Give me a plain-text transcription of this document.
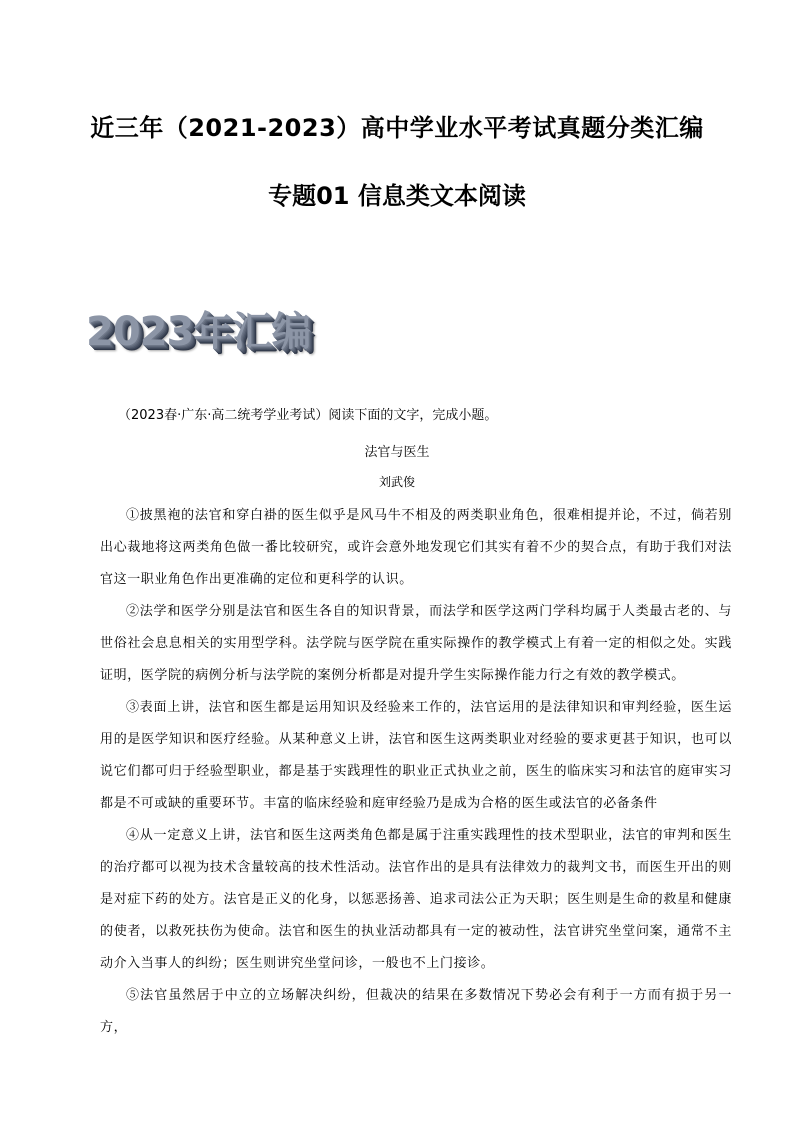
近三年（2021-2023）高中学业水平考试真题分类汇编
专题01 信息类文本阅读
2023年汇编
（2023春·广东·高二统考学业考试）阅读下面的文字，完成小题。
法官与医生
刘武俊

①披黑袍的法官和穿白褂的医生似乎是风马牛不相及的两类职业角色，很难相提并论，不过，倘若别出心裁地将这两类角色做一番比较研究，或许会意外地发现它们其实有着不少的契合点，有助于我们对法官这一职业角色作出更准确的定位和更科学的认识。

②法学和医学分别是法官和医生各自的知识背景，而法学和医学这两门学科均属于人类最古老的、与世俗社会息息相关的实用型学科。法学院与医学院在重实际操作的教学模式上有着一定的相似之处。实践证明，医学院的病例分析与法学院的案例分析都是对提升学生实际操作能力行之有效的教学模式。

③表面上讲，法官和医生都是运用知识及经验来工作的，法官运用的是法律知识和审判经验，医生运用的是医学知识和医疗经验。从某种意义上讲，法官和医生这两类职业对经验的要求更甚于知识，也可以说它们都可归于经验型职业，都是基于实践理性的职业正式执业之前，医生的临床实习和法官的庭审实习都是不可或缺的重要环节。丰富的临床经验和庭审经验乃是成为合格的医生或法官的必备条件

④从一定意义上讲，法官和医生这两类角色都是属于注重实践理性的技术型职业，法官的审判和医生的治疗都可以视为技术含量较高的技术性活动。法官作出的是具有法律效力的裁判文书，而医生开出的则是对症下药的处方。法官是正义的化身，以惩恶扬善、追求司法公正为天职；医生则是生命的救星和健康的使者，以救死扶伤为使命。法官和医生的执业活动都具有一定的被动性，法官讲究坐堂问案，通常不主动介入当事人的纠纷；医生则讲究坐堂问诊，一般也不上门接诊。

⑤法官虽然居于中立的立场解决纠纷，但裁决的结果在多数情况下势必会有利于一方而有损于另一方，
